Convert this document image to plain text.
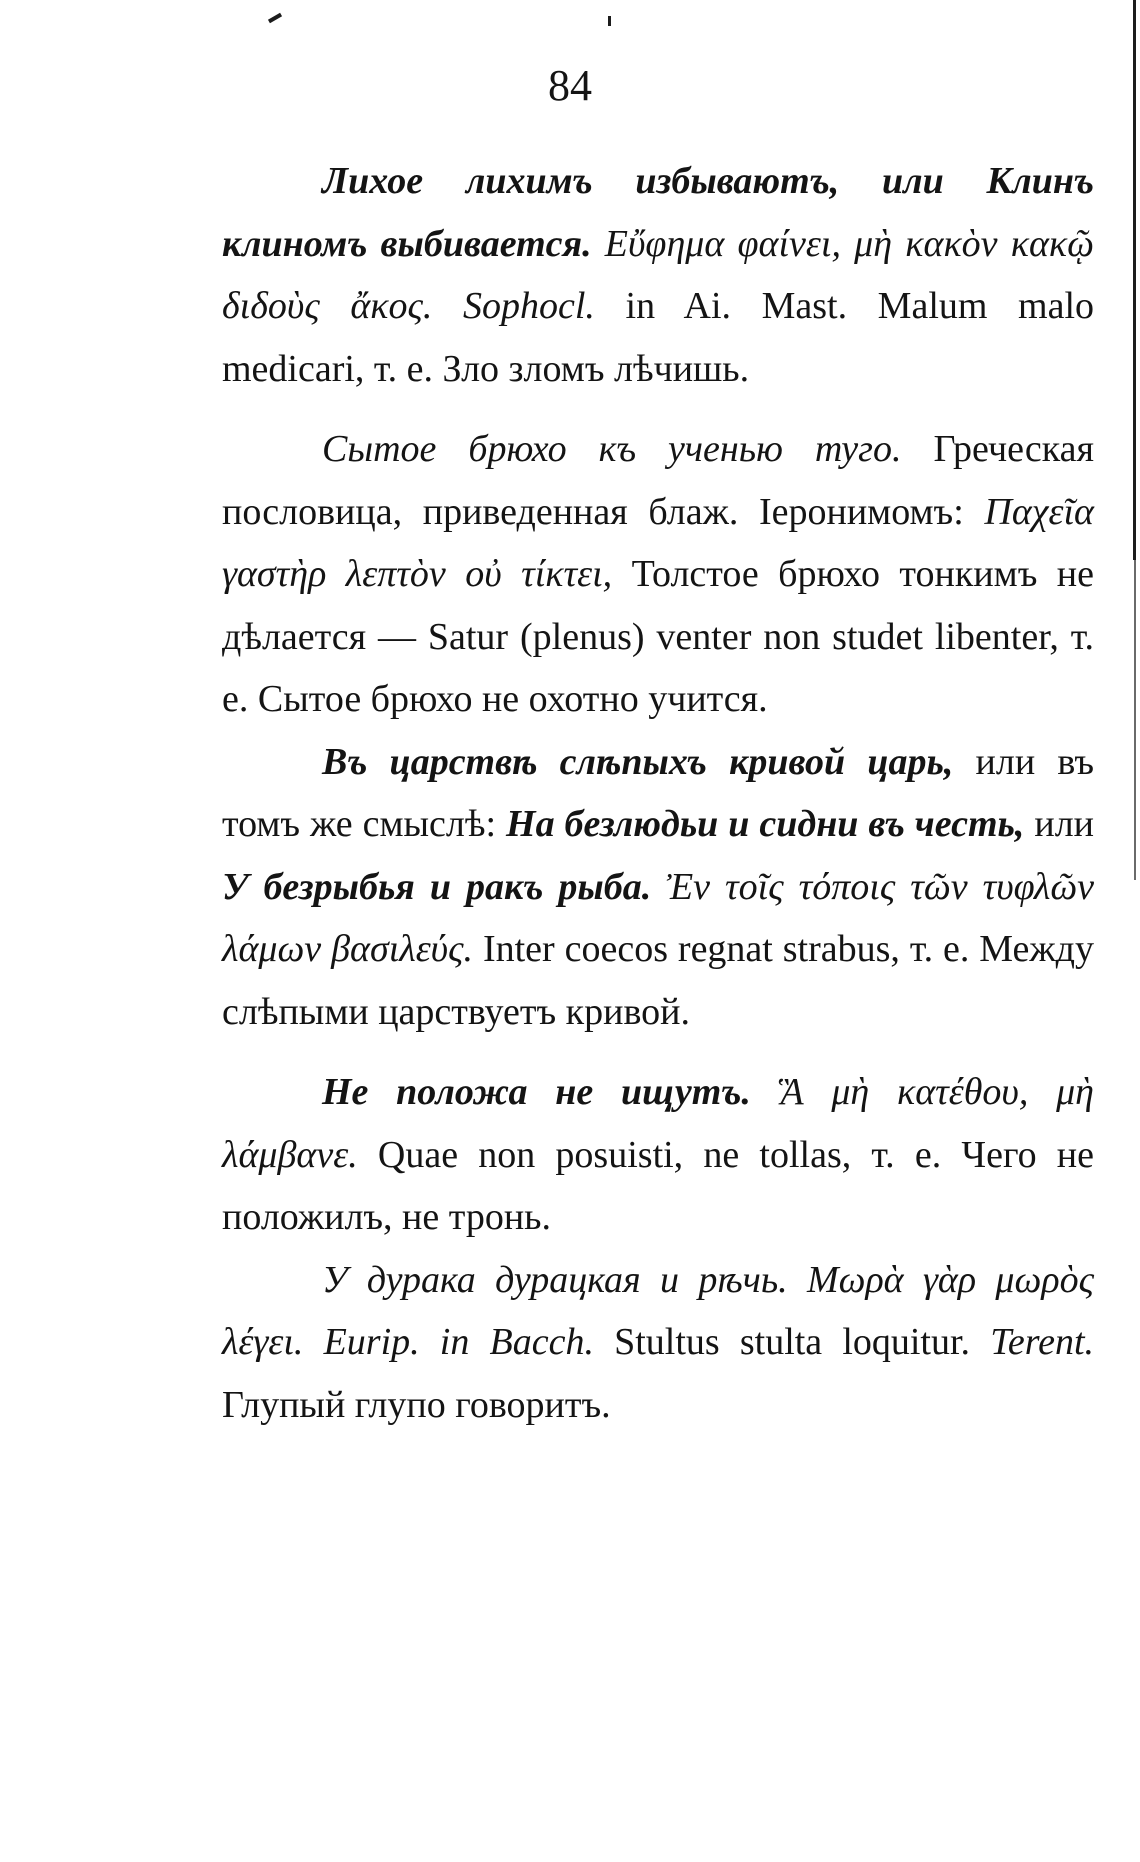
84

Лихое лихимъ избываютъ, или Клинъ клиномъ выбивается. Εὔφημα φαίνει, μὴ κακὸν κακῷ διδοὺς ἄκος. Sophocl. in Ai. Mast. Malum malo medicari, т. е. Зло зломъ лѣчишь.

Сытое брюхо къ ученью туго. Греческая пословица, приведенная блаж. Іеронимомъ: Παχεῖα γαστὴρ λεπτὸν οὐ τίκτει, Толстое брюхо тонкимъ не дѣлается — Satur (plenus) venter non studet libenter, т. е. Сытое брюхо не охотно учится.

Въ царствѣ слѣпыхъ кривой царь, или въ томъ же смыслѣ: На безлюдьи и сидни въ честь, или У безрыбья и ракъ рыба. Ἐν τοῖς τόποις τῶν τυφλῶν λάμων βασιλεύς. Inter coecos regnat strabus, т. е. Между слѣпыми царствуетъ кривой.

Не положа не ищутъ. Ἃ μὴ κατέθου, μὴ λάμβανε. Quae non posuisti, ne tollas, т. е. Чего не положилъ, не тронь.

У дурака дурацкая и рѣчь. Μωρὰ γὰρ μωρὸς λέγει. Eurip. in Bacch. Stultus stulta loquitur. Terent. Глупый глупо говоритъ.
